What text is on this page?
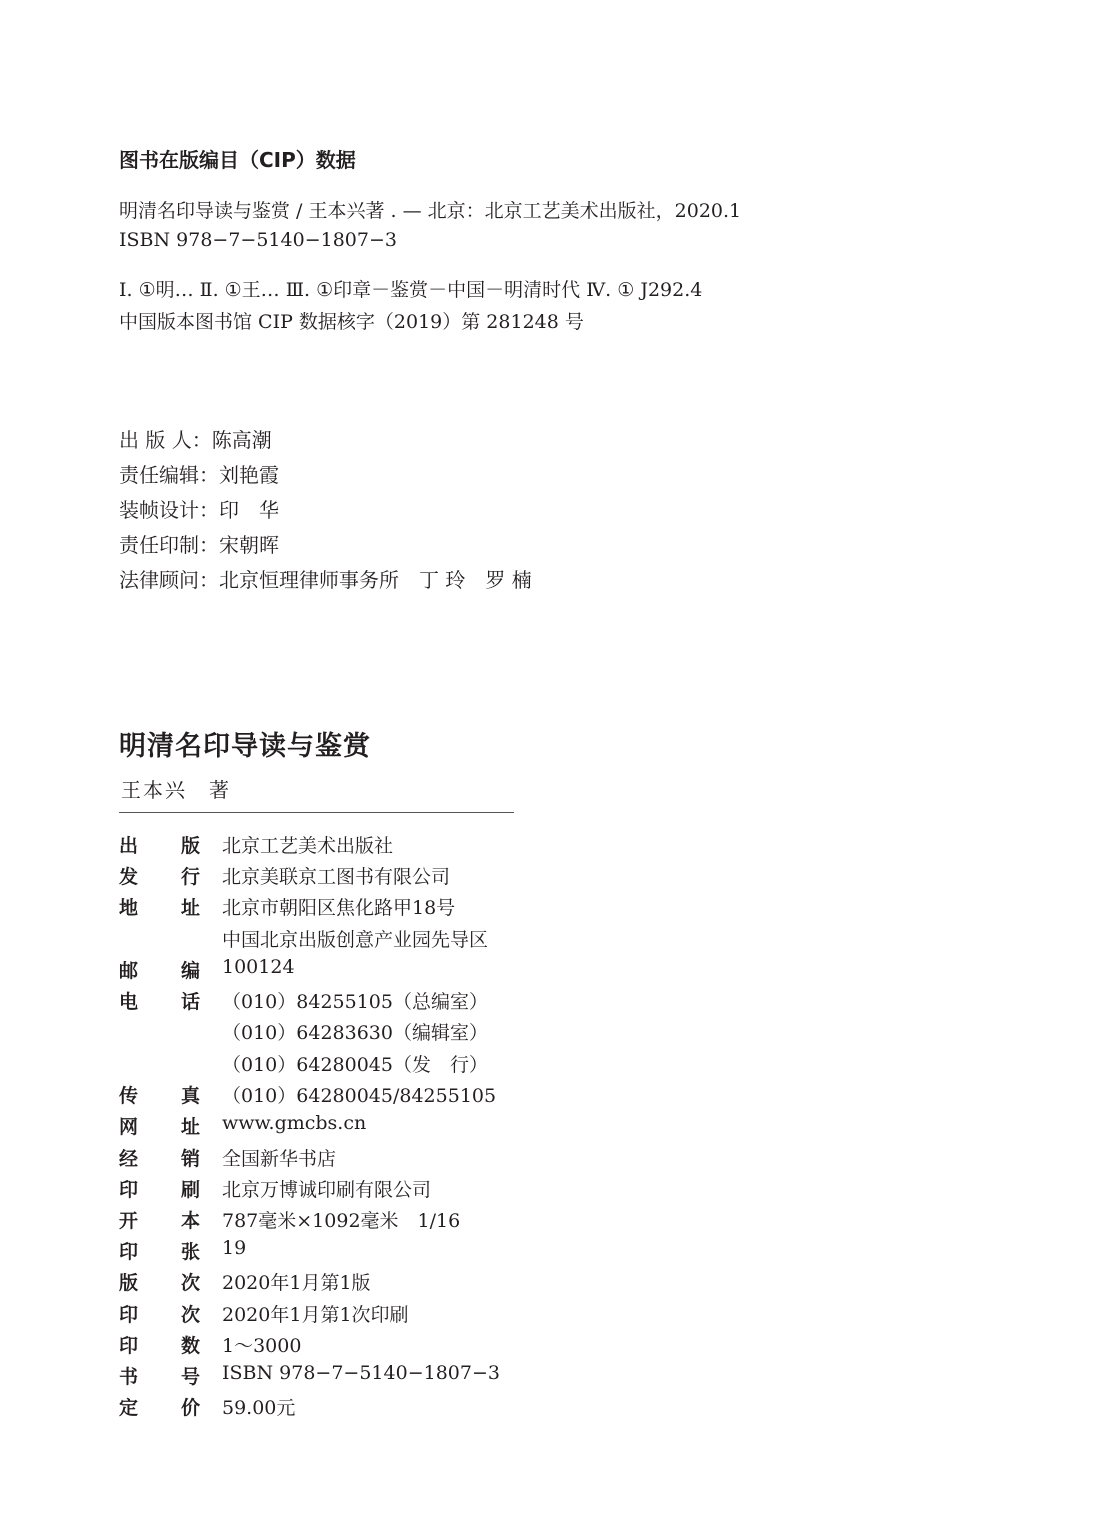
图书在版编目（CIP）数据
明清名印导读与鉴赏 / 王本兴著 . — 北京：北京工艺美术出版社，2020.1
ISBN 978−7−5140−1807−3
Ⅰ. ①明… Ⅱ. ①王… Ⅲ. ①印章－鉴赏－中国－明清时代 Ⅳ. ① J292.4
中国版本图书馆 CIP 数据核字（2019）第 281248 号
出 版 人：陈高潮
责任编辑：刘艳霞
装帧设计：印　华
责任印制：宋朝晖
法律顾问：北京恒理律师事务所　丁 玲　罗 楠
明清名印导读与鉴赏
王本兴　著
出 版 北京工艺美术出版社
发 行 北京美联京工图书有限公司
地 址 北京市朝阳区焦化路甲18号
中国北京出版创意产业园先导区
邮 编 100124
电 话 （010）84255105（总编室）
（010）64283630（编辑室）
（010）64280045（发　行）
传 真 （010）64280045/84255105
网 址 www.gmcbs.cn
经 销 全国新华书店
印 刷 北京万博诚印刷有限公司
开 本 787毫米×1092毫米　1/16
印 张 19
版 次 2020年1月第1版
印 次 2020年1月第1次印刷
印 数 1～3000
书 号 ISBN 978−7−5140−1807−3
定 价 59.00元
